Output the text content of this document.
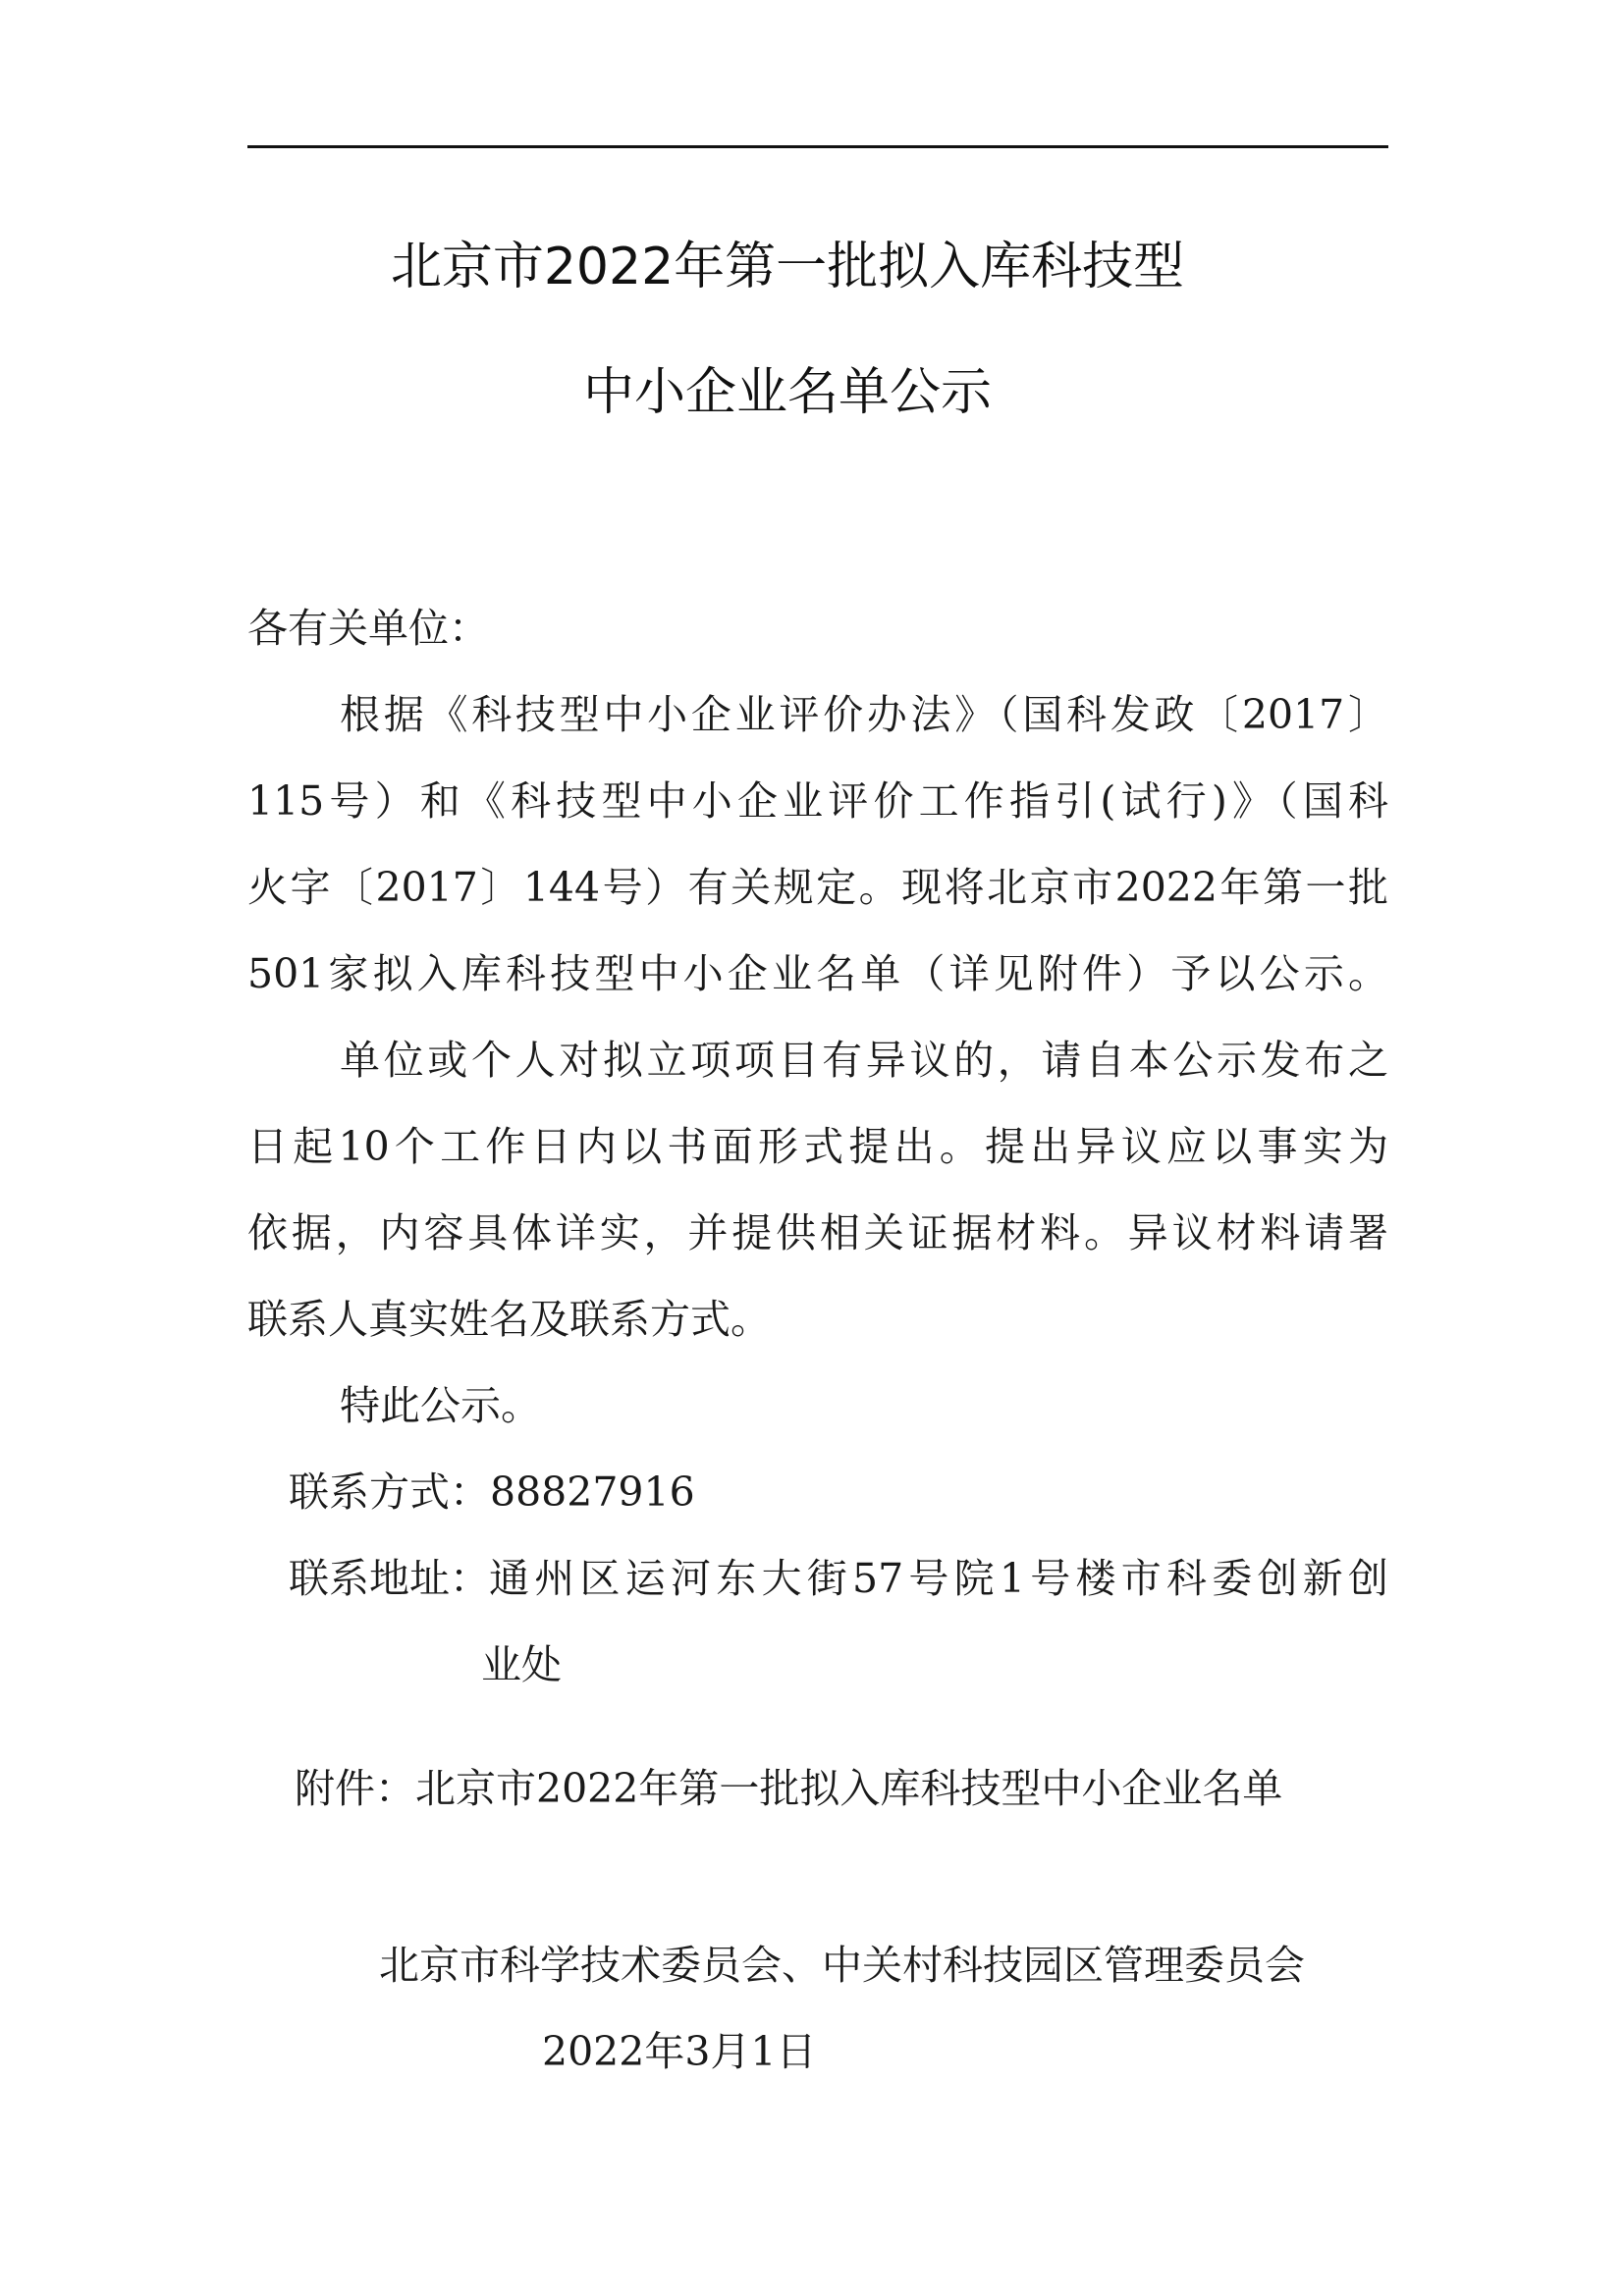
北京市2022年第一批拟入库科技型
中小企业名单公示
各有关单位：
根据《科技型中小企业评价办法》（国科发政〔2017〕
115号）和《科技型中小企业评价工作指引(试行)》（国科
火字〔2017〕144号）有关规定。现将北京市2022年第一批
501家拟入库科技型中小企业名单（详见附件）予以公示。
单位或个人对拟立项项目有异议的，请自本公示发布之
日起10个工作日内以书面形式提出。提出异议应以事实为
依据，内容具体详实，并提供相关证据材料。异议材料请署
联系人真实姓名及联系方式。
特此公示。
联系方式：88827916
联系地址： 通州区运河东大街57号院1号楼市科委创新创
业处
附件：北京市2022年第一批拟入库科技型中小企业名单
北京市科学技术委员会、中关村科技园区管理委员会
2022年3月1日
